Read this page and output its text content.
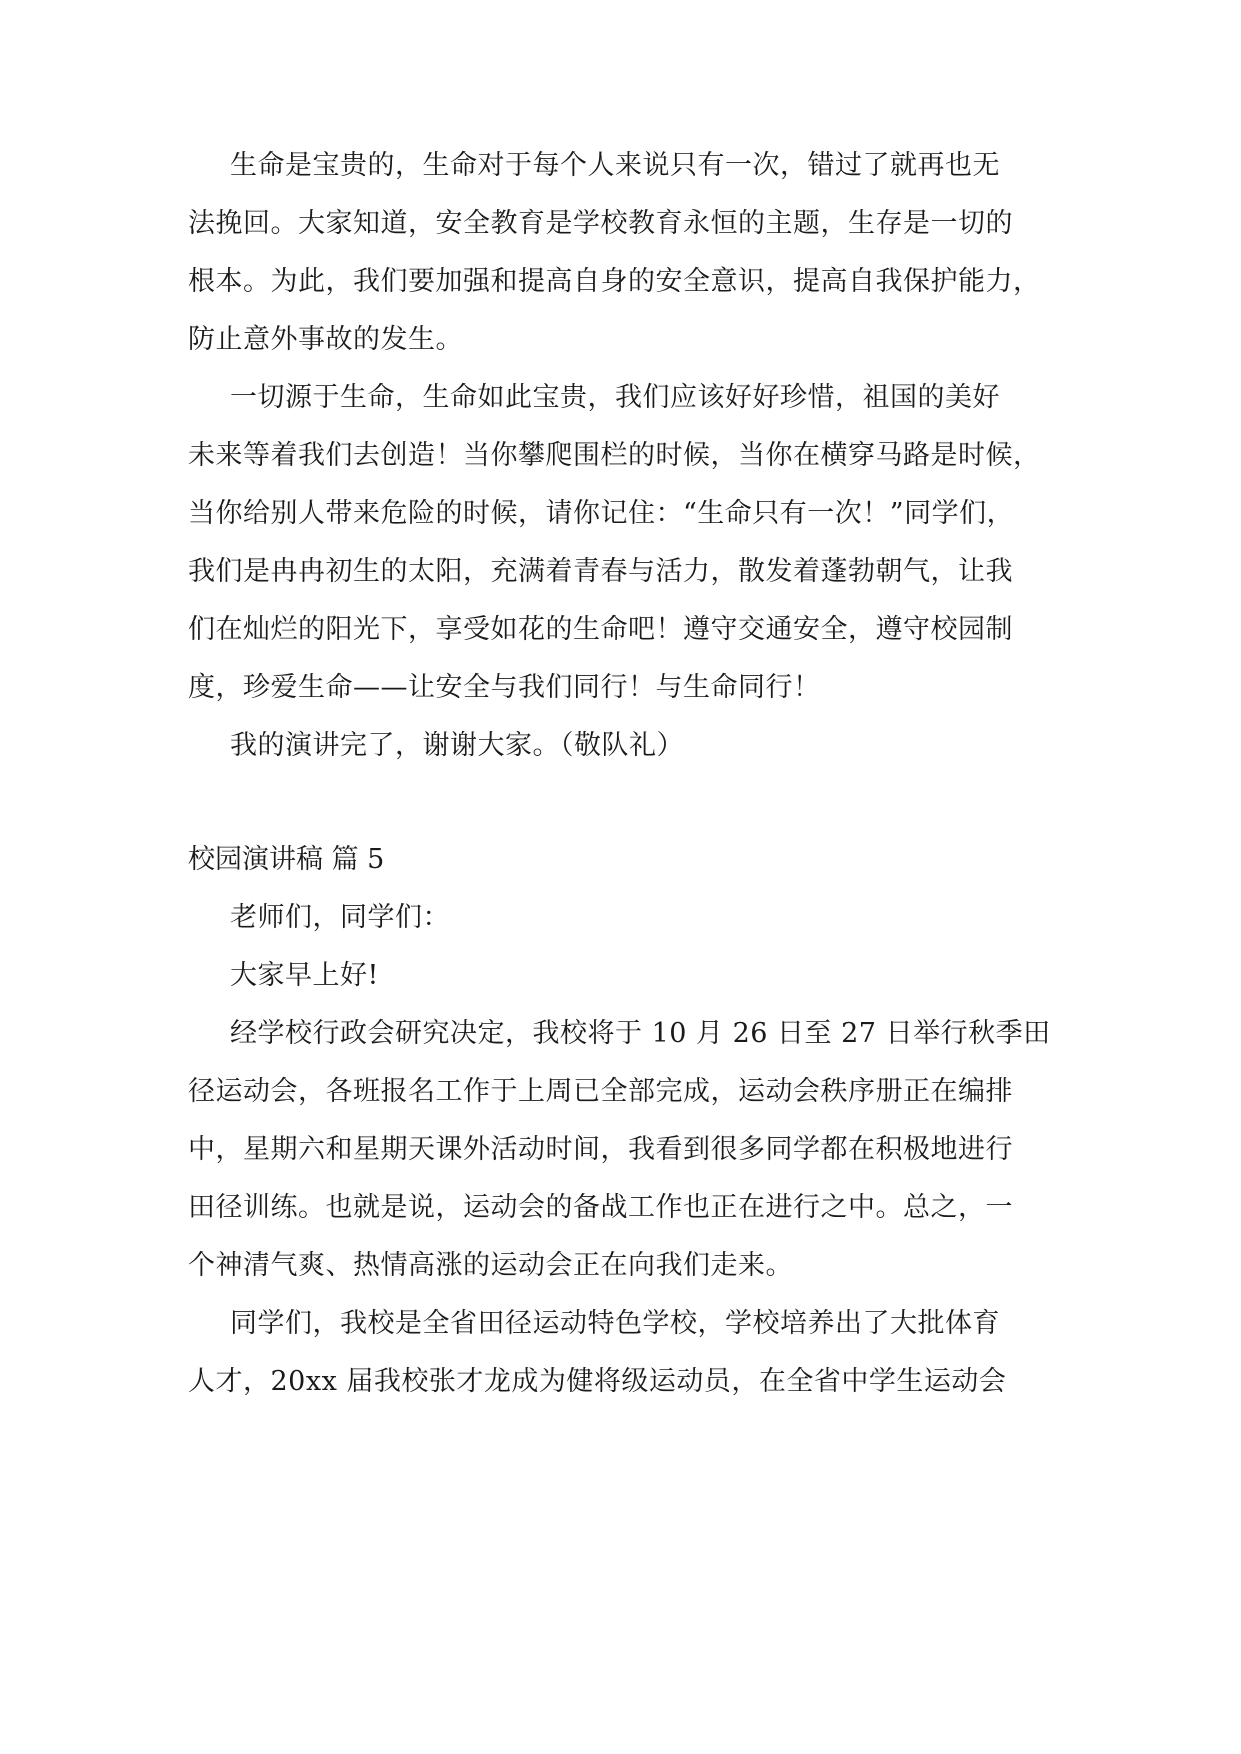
生命是宝贵的，生命对于每个人来说只有一次，错过了就再也无
法挽回。大家知道，安全教育是学校教育永恒的主题，生存是一切的
根本。为此，我们要加强和提高自身的安全意识，提高自我保护能力，
防止意外事故的发生。
一切源于生命，生命如此宝贵，我们应该好好珍惜，祖国的美好
未来等着我们去创造！当你攀爬围栏的时候，当你在横穿马路是时候，
当你给别人带来危险的时候，请你记住：“生命只有一次！”同学们，
我们是冉冉初生的太阳，充满着青春与活力，散发着蓬勃朝气，让我
们在灿烂的阳光下，享受如花的生命吧！遵守交通安全，遵守校园制
度，珍爱生命——让安全与我们同行！与生命同行！
我的演讲完了，谢谢大家。（敬队礼）
校园演讲稿 篇 5
老师们，同学们：
大家早上好!
经学校行政会研究决定，我校将于 10 月 26 日至 27 日举行秋季田
径运动会，各班报名工作于上周已全部完成，运动会秩序册正在编排
中，星期六和星期天课外活动时间，我看到很多同学都在积极地进行
田径训练。也就是说，运动会的备战工作也正在进行之中。总之，一
个神清气爽、热情高涨的运动会正在向我们走来。
同学们，我校是全省田径运动特色学校，学校培养出了大批体育
人才，20xx 届我校张才龙成为健将级运动员，在全省中学生运动会
